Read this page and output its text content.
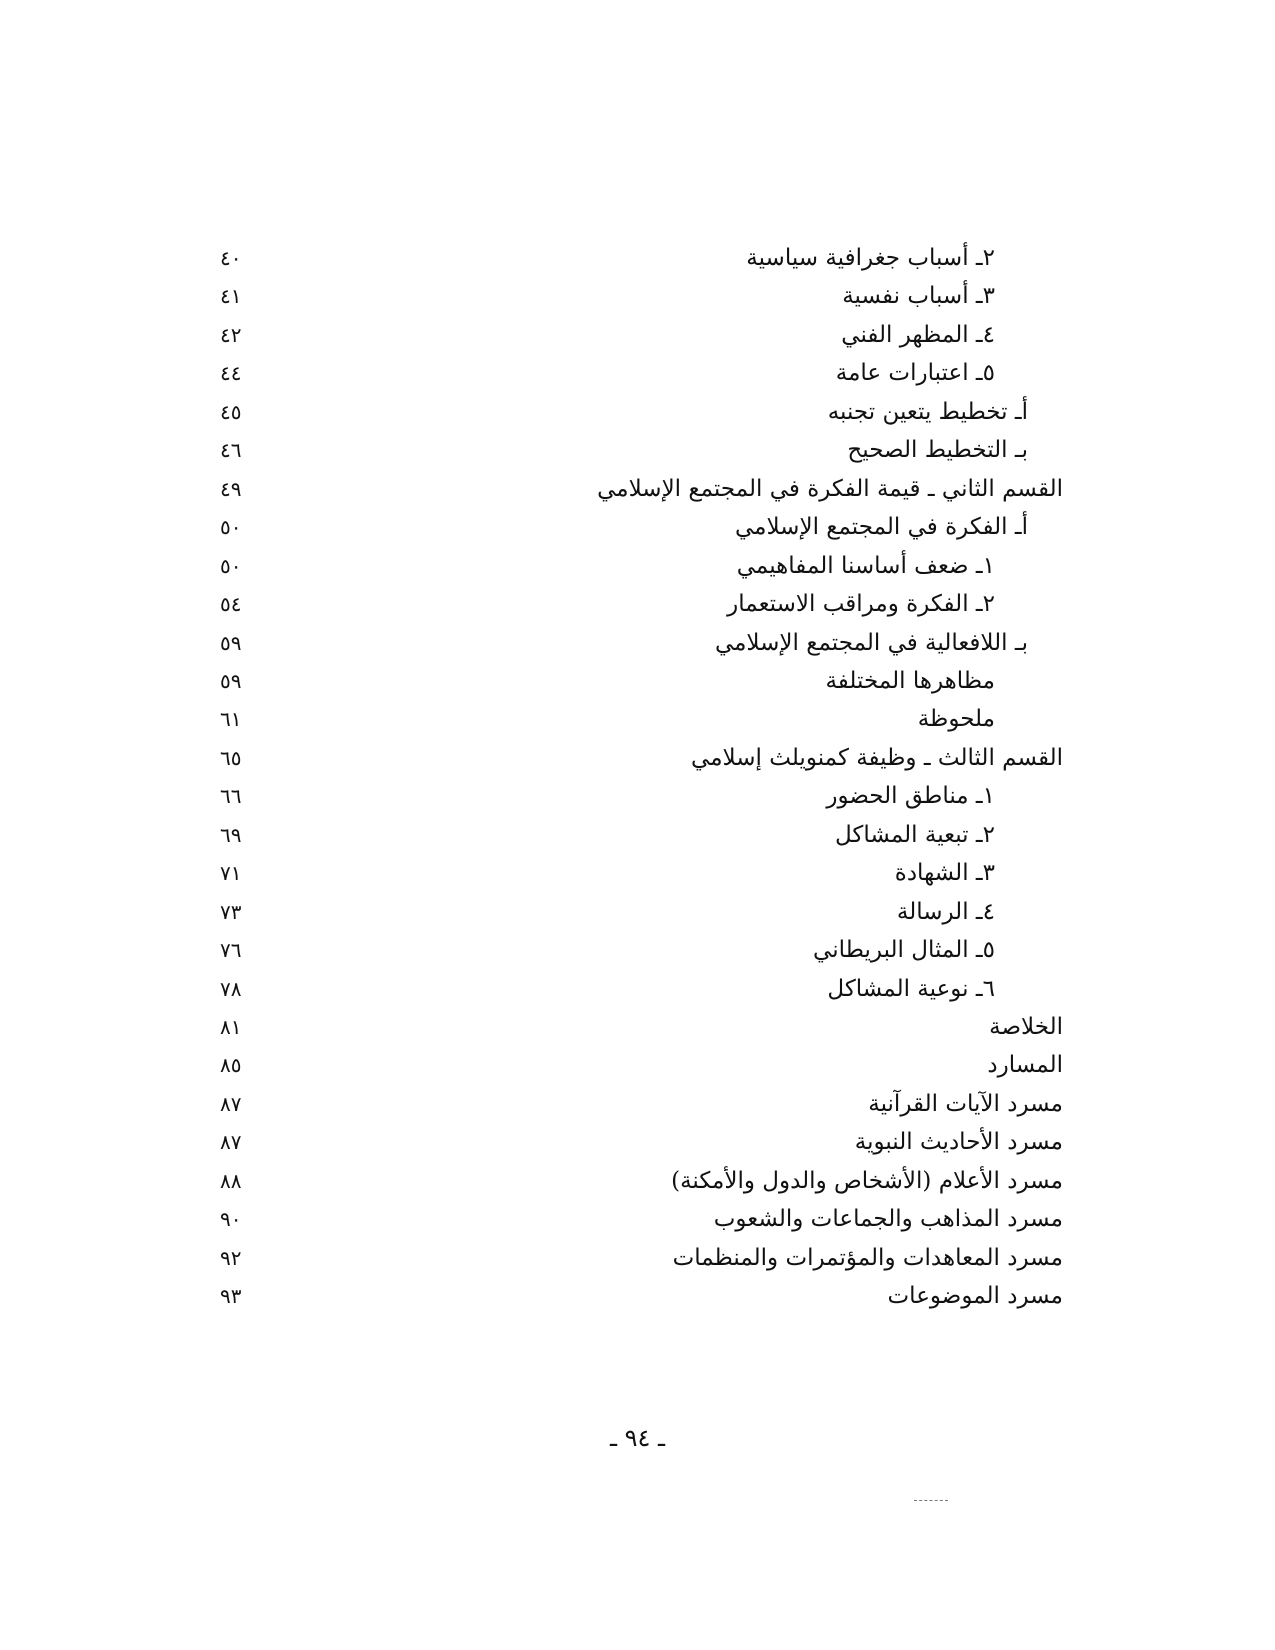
٢ـ أسباب جغرافية سياسية
٤٠
٣ـ أسباب نفسية
٤١
٤ـ المظهر الفني
٤٢
٥ـ اعتبارات عامة
٤٤
أـ تخطيط يتعين تجنبه
٤٥
بـ التخطيط الصحيح
٤٦
القسم الثاني ـ قيمة الفكرة في المجتمع الإسلامي
٤٩
أـ الفكرة في المجتمع الإسلامي
٥٠
١ـ ضعف أساسنا المفاهيمي
٥٠
٢ـ الفكرة ومراقب الاستعمار
٥٤
بـ اللافعالية في المجتمع الإسلامي
٥٩
مظاهرها المختلفة
٥٩
ملحوظة
٦١
القسم الثالث ـ وظيفة كمنويلث إسلامي
٦٥
١ـ مناطق الحضور
٦٦
٢ـ تبعية المشاكل
٦٩
٣ـ الشهادة
٧١
٤ـ الرسالة
٧٣
٥ـ المثال البريطاني
٧٦
٦ـ نوعية المشاكل
٧٨
الخلاصة
٨١
المسارد
٨٥
مسرد الآيات القرآنية
٨٧
مسرد الأحاديث النبوية
٨٧
مسرد الأعلام (الأشخاص والدول والأمكنة)
٨٨
مسرد المذاهب والجماعات والشعوب
٩٠
مسرد المعاهدات والمؤتمرات والمنظمات
٩٢
مسرد الموضوعات
٩٣
ـ ٩٤ ـ
